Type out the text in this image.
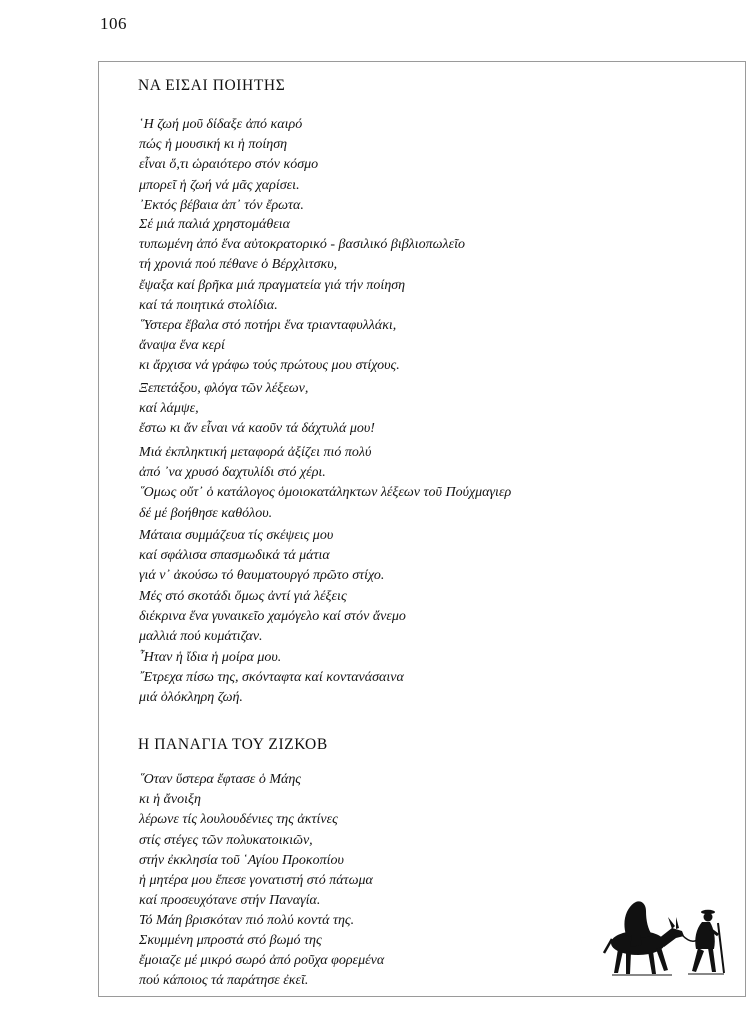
106
ΝΑ ΕΙΣΑΙ ΠΟΙΗΤΗΣ
῾Η ζωή μοῦ δίδαξε ἀπό καιρό
πώς ἡ μουσική κι ἡ ποίηση
εἶναι ὅ,τι ὡραιότερο στόν κόσμο
μπορεῖ ἡ ζωή νά μᾶς χαρίσει.
᾿Εκτός βέβαια ἀπ᾿ τόν ἔρωτα.
Σέ μιά παλιά χρηστομάθεια
τυπωμένη ἀπό ἕνα αὐτοκρατορικό - βασιλικό βιβλιοπωλεῖο
τή χρονιά πού πέθανε ὁ Βέρχλιτσκυ,
ἔψαξα καί βρῆκα μιά πραγματεία γιά τήν ποίηση
καί τά ποιητικά στολίδια.
῞Υστερα ἔβαλα στό ποτήρι ἕνα τριανταφυλλάκι,
ἄναψα ἕνα κερί
κι ἄρχισα νά γράφω τούς πρώτους μου στίχους.
Ξεπετάξου, φλόγα τῶν λέξεων,
καί λάμψε,
ἔστω κι ἄν εἶναι νά καοῦν τά δάχτυλά μου!
Μιά ἐκπληκτική μεταφορά ἀξίζει πιό πολύ
ἀπό ᾿να χρυσό δαχτυλίδι στό χέρι.
῞Ομως οὔτ᾿ ὁ κατάλογος ὁμοιοκατάληκτων λέξεων τοῦ Πούχμαγιερ
δέ μέ βοήθησε καθόλου.
Μάταια συμμάζευα τίς σκέψεις μου
καί σφάλισα σπασμωδικά τά μάτια
γιά ν᾿ ἀκούσω τό θαυματουργό πρῶτο στίχο.
Μές στό σκοτάδι ὅμως ἀντί γιά λέξεις
διέκρινα ἕνα γυναικεῖο χαμόγελο καί στόν ἄνεμο
μαλλιά πού κυμάτιζαν.
῏Ηταν ἡ ἴδια ἡ μοίρα μου.
῎Ετρεχα πίσω της, σκόνταφτα καί κοντανάσαινα
μιά ὁλόκληρη ζωή.
῞Οταν ὕστερα ἔφτασε ὁ Μάης
κι ἡ ἄνοιξη
λέρωνε τίς λουλουδένιες της ἀκτίνες
στίς στέγες τῶν πολυκατοικιῶν,
στήν ἐκκλησία τοῦ ῾Αγίου Προκοπίου
ἡ μητέρα μου ἔπεσε γονατιστή στό πάτωμα
καί προσευχότανε στήν Παναγία.
Τό Μάη βρισκόταν πιό πολύ κοντά της.
Σκυμμένη μπροστά στό βωμό της
ἔμοιαζε μέ μικρό σωρό ἀπό ροῦχα φορεμένα
πού κάποιος τά παράτησε ἐκεῖ.
Η ΠΑΝΑΓΙΑ ΤΟΥ ΖΙΖΚΟΒ
